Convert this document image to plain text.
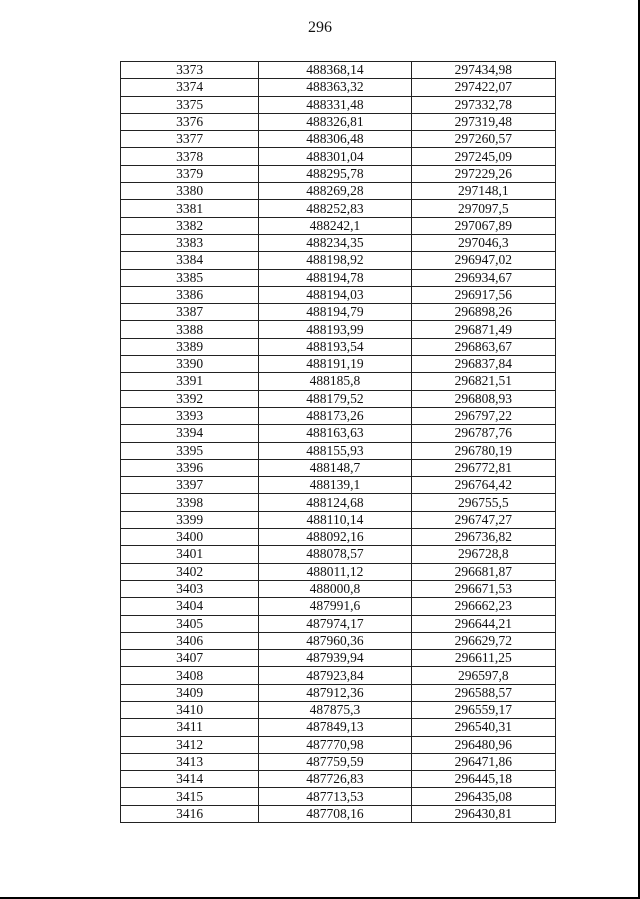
296
3373	488368,14	297434,98
3374	488363,32	297422,07
3375	488331,48	297332,78
3376	488326,81	297319,48
3377	488306,48	297260,57
3378	488301,04	297245,09
3379	488295,78	297229,26
3380	488269,28	297148,1
3381	488252,83	297097,5
3382	488242,1	297067,89
3383	488234,35	297046,3
3384	488198,92	296947,02
3385	488194,78	296934,67
3386	488194,03	296917,56
3387	488194,79	296898,26
3388	488193,99	296871,49
3389	488193,54	296863,67
3390	488191,19	296837,84
3391	488185,8	296821,51
3392	488179,52	296808,93
3393	488173,26	296797,22
3394	488163,63	296787,76
3395	488155,93	296780,19
3396	488148,7	296772,81
3397	488139,1	296764,42
3398	488124,68	296755,5
3399	488110,14	296747,27
3400	488092,16	296736,82
3401	488078,57	296728,8
3402	488011,12	296681,87
3403	488000,8	296671,53
3404	487991,6	296662,23
3405	487974,17	296644,21
3406	487960,36	296629,72
3407	487939,94	296611,25
3408	487923,84	296597,8
3409	487912,36	296588,57
3410	487875,3	296559,17
3411	487849,13	296540,31
3412	487770,98	296480,96
3413	487759,59	296471,86
3414	487726,83	296445,18
3415	487713,53	296435,08
3416	487708,16	296430,81
